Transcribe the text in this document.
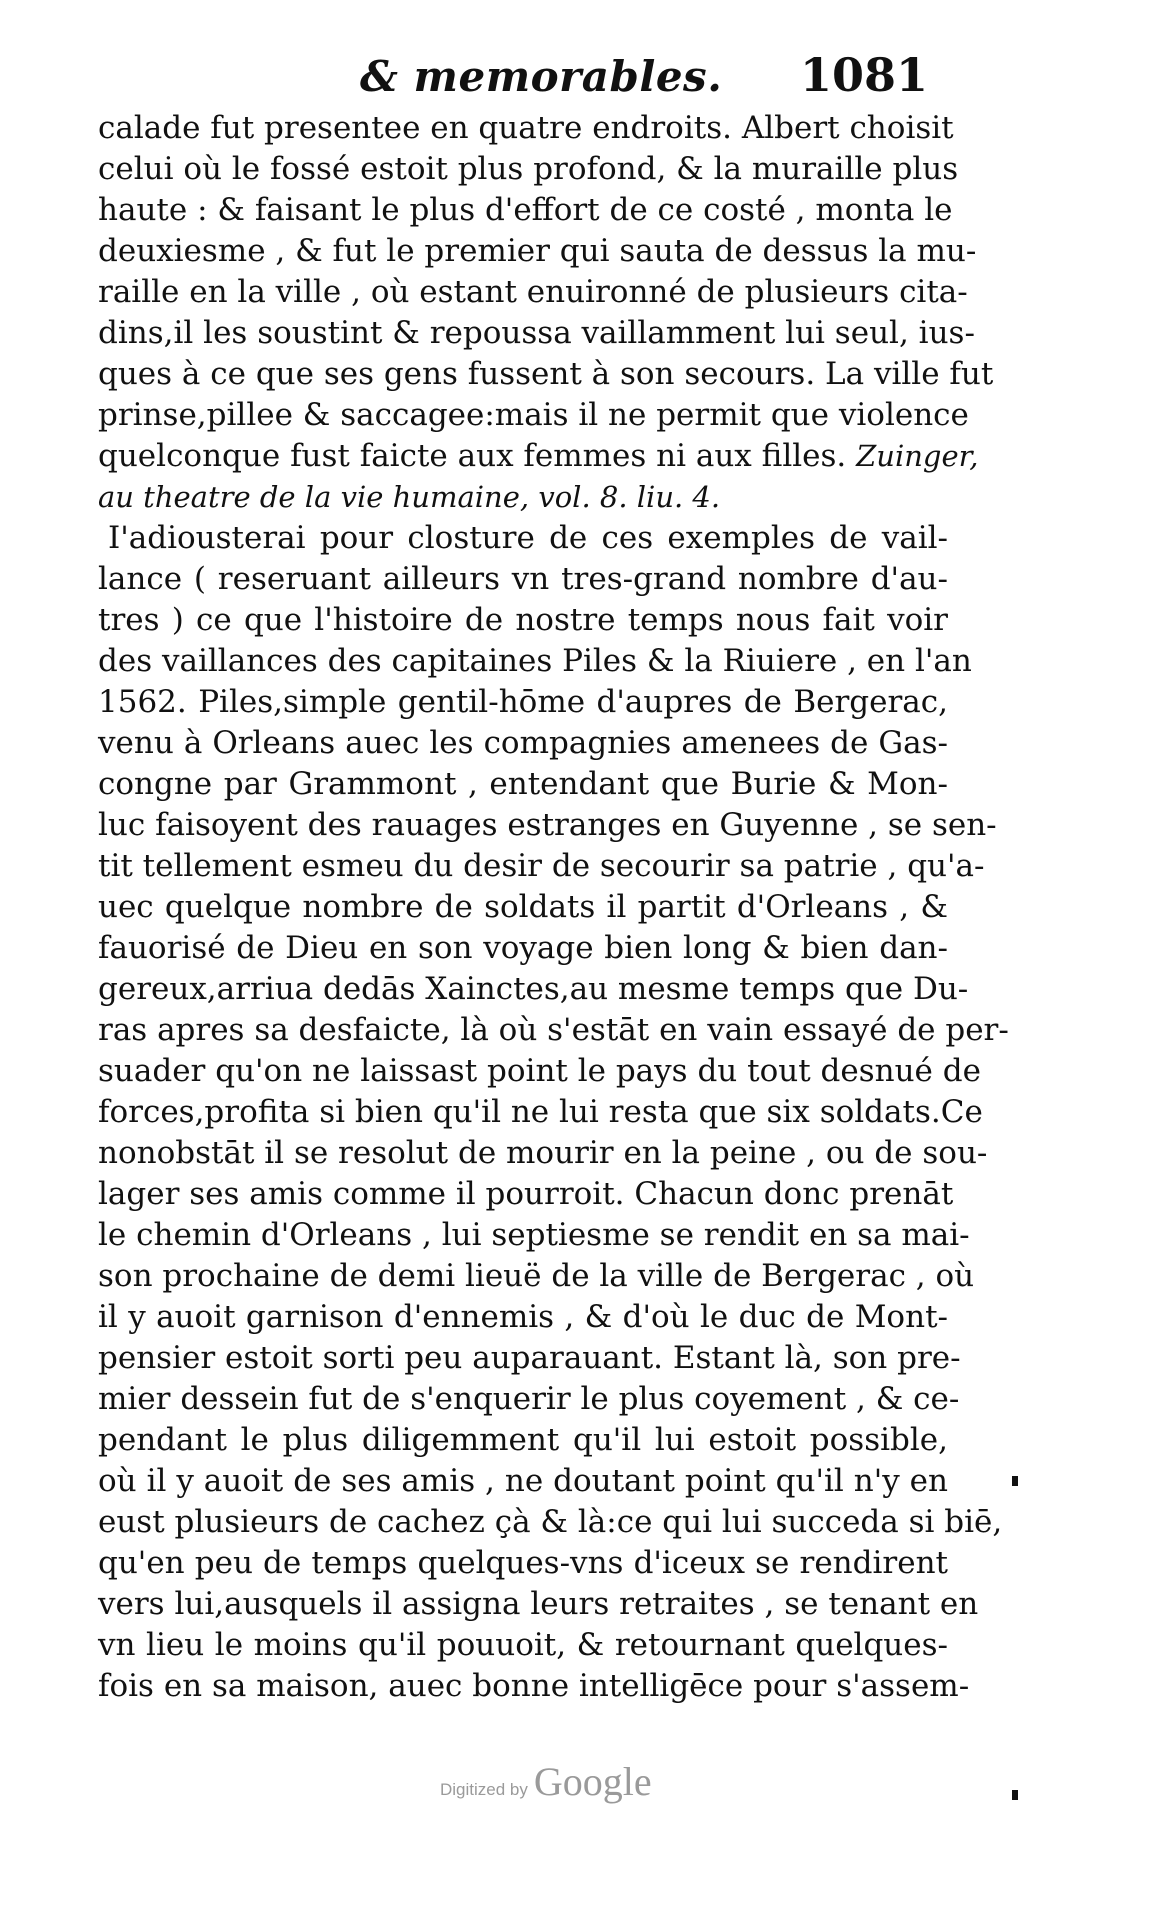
& memorables. 1081
calade fut presentee en quatre endroits. Albert choisit
celui où le fossé estoit plus profond, & la muraille plus
haute : & faisant le plus d'effort de ce costé , monta le
deuxiesme , & fut le premier qui sauta de dessus la mu-
raille en la ville , où estant enuironné de plusieurs cita-
dins,il les soustint & repoussa vaillamment lui seul, ius-
ques à ce que ses gens fussent à son secours. La ville fut
prinse,pillee & saccagee:mais il ne permit que violence
quelconque fust faicte aux femmes ni aux filles. Zuinger,
au theatre de la vie humaine, vol. 8. liu. 4.
I'adiousterai pour closture de ces exemples de vail-
lance ( reseruant ailleurs vn tres-grand nombre d'au-
tres ) ce que l'histoire de nostre temps nous fait voir
des vaillances des capitaines Piles & la Riuiere , en l'an
1562. Piles,simple gentil-hōme d'aupres de Bergerac,
venu à Orleans auec les compagnies amenees de Gas-
congne par Grammont , entendant que Burie & Mon-
luc faisoyent des rauages estranges en Guyenne , se sen-
tit tellement esmeu du desir de secourir sa patrie , qu'a-
uec quelque nombre de soldats il partit d'Orleans , &
fauorisé de Dieu en son voyage bien long & bien dan-
gereux,arriua dedās Xainctes,au mesme temps que Du-
ras apres sa desfaicte, là où s'estāt en vain essayé de per-
suader qu'on ne laissast point le pays du tout desnué de
forces,profita si bien qu'il ne lui resta que six soldats.Ce
nonobstāt il se resolut de mourir en la peine , ou de sou-
lager ses amis comme il pourroit. Chacun donc prenāt
le chemin d'Orleans , lui septiesme se rendit en sa mai-
son prochaine de demi lieuë de la ville de Bergerac , où
il y auoit garnison d'ennemis , & d'où le duc de Mont-
pensier estoit sorti peu auparauant. Estant là, son pre-
mier dessein fut de s'enquerir le plus coyement , & ce-
pendant le plus diligemment qu'il lui estoit possible,
où il y auoit de ses amis , ne doutant point qu'il n'y en
eust plusieurs de cachez çà & là:ce qui lui succeda si biē,
qu'en peu de temps quelques-vns d'iceux se rendirent
vers lui,ausquels il assigna leurs retraites , se tenant en
vn lieu le moins qu'il pouuoit, & retournant quelques-
fois en sa maison, auec bonne intelligēce pour s'assem-
Digitized by Google
